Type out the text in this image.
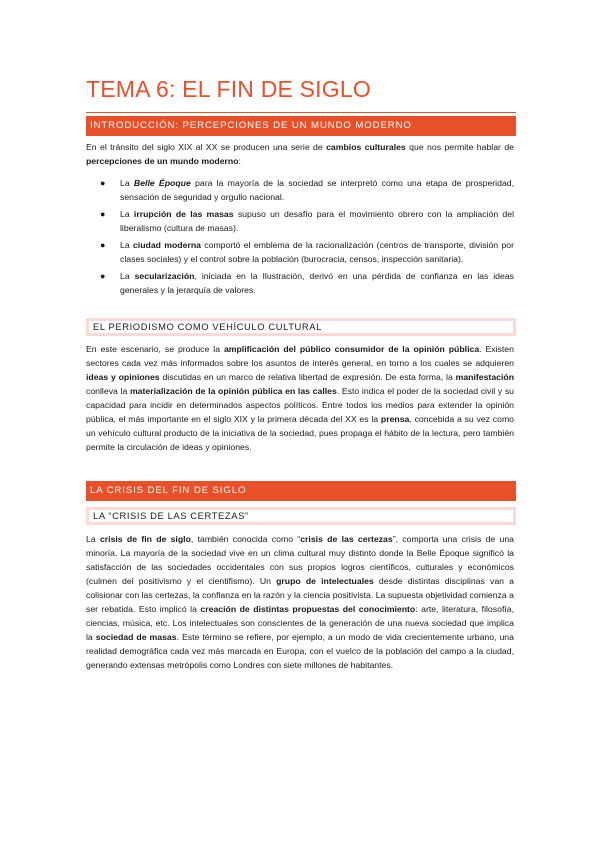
TEMA 6: EL FIN DE SIGLO
INTRODUCCIÓN: PERCEPCIONES DE UN MUNDO MODERNO

En el tránsito del siglo XIX al XX se producen una serie de cambios culturales que nos permite hablar de percepciones de un mundo moderno:

● La Belle Époque para la mayoría de la sociedad se interpretó como una etapa de prosperidad, sensación de seguridad y orgullo nacional.
● La irrupción de las masas supuso un desafío para el movimiento obrero con la ampliación del liberalismo (cultura de masas).
● La ciudad moderna comportó el emblema de la racionalización (centros de transporte, división por clases sociales) y el control sobre la población (burocracia, censos, inspección sanitaria).
● La secularización, iniciada en la Ilustración, derivó en una pérdida de confianza en las ideas generales y la jerarquía de valores.
EL PERIODISMO COMO VEHÍCULO CULTURAL

En este escenario, se produce la amplificación del público consumidor de la opinión pública. Existen sectores cada vez más informados sobre los asuntos de interés general, en torno a los cuales se adquieren ideas y opiniones discutidas en un marco de relativa libertad de expresión. De esta forma, la manifestación conlleva la materialización de la opinión pública en las calles. Esto indica el poder de la sociedad civil y su capacidad para incidir en determinados aspectos políticos. Entre todos los medios para extender la opinión pública, el más importante en el siglo XIX y la primera década del XX es la prensa, concebida a su vez como un vehículo cultural producto de la iniciativa de la sociedad, pues propaga el hábito de la lectura, pero también permite la circulación de ideas y opiniones.

LA CRISIS DEL FIN DE SIGLO
LA “CRISIS DE LAS CERTEZAS”

La crisis de fin de siglo, también conocida como “crisis de las certezas”, comporta una crisis de una minoría. La mayoría de la sociedad vive en un clima cultural muy distinto donde la Belle Époque significó la satisfacción de las sociedades occidentales con sus propios logros científicos, culturales y económicos (culmen del positivismo y el cientifismo). Un grupo de intelectuales desde distintas disciplinas van a colisionar con las certezas, la confianza en la razón y la ciencia positivista. La supuesta objetividad comienza a ser rebatida. Esto implicó la creación de distintas propuestas del conocimiento: arte, literatura, filosofía, ciencias, música, etc. Los intelectuales son conscientes de la generación de una nueva sociedad que implica la sociedad de masas. Este término se refiere, por ejemplo, a un modo de vida crecientemente urbano, una realidad demográfica cada vez más marcada en Europa, con el vuelco de la población del campo a la ciudad, generando extensas metrópolis como Londres con siete millones de habitantes.
